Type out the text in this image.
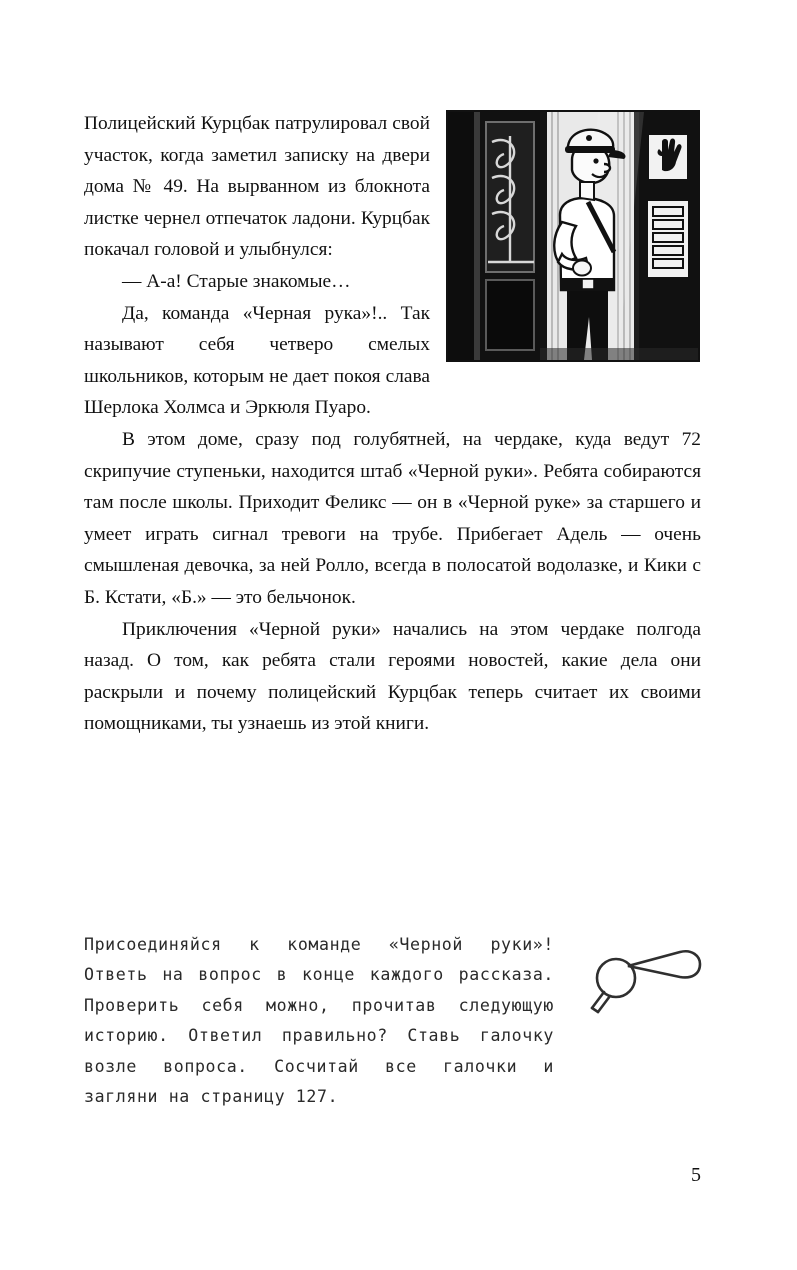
Полицейский Курцбак патрулировал свой участок, когда заметил записку на двери дома № 49. На вырванном из блокнота листке чернел отпечаток ладони. Курцбак покачал головой и улыбнулся:

— А-а! Старые знакомые…

Да, команда «Черная рука»!.. Так называют себя четверо смелых школьников, которым не дает покоя слава Шерлока Холмса и Эркюля Пуаро.

В этом доме, сразу под голубятней, на чердаке, куда ведут 72 скрипучие ступеньки, находится штаб «Черной руки». Ребята собираются там после школы. Приходит Феликс — он в «Черной руке» за старшего и умеет играть сигнал тревоги на трубе. Прибегает Адель — очень смышленая девочка, за ней Ролло, всегда в полосатой водолазке, и Кики с Б. Кстати, «Б.» — это бельчонок.

Приключения «Черной руки» начались на этом чердаке полгода назад. О том, как ребята стали героями новостей, какие дела они раскрыли и почему полицейский Курцбак теперь считает их своими помощниками, ты узнаешь из этой книги.

Присоединяйся к команде «Черной руки»! Ответь на вопрос в конце каждого рассказа. Проверить себя можно, прочитав следующую историю. Ответил правильно? Ставь галочку возле вопроса. Сосчитай все галочки и загляни на страницу 127.

5
